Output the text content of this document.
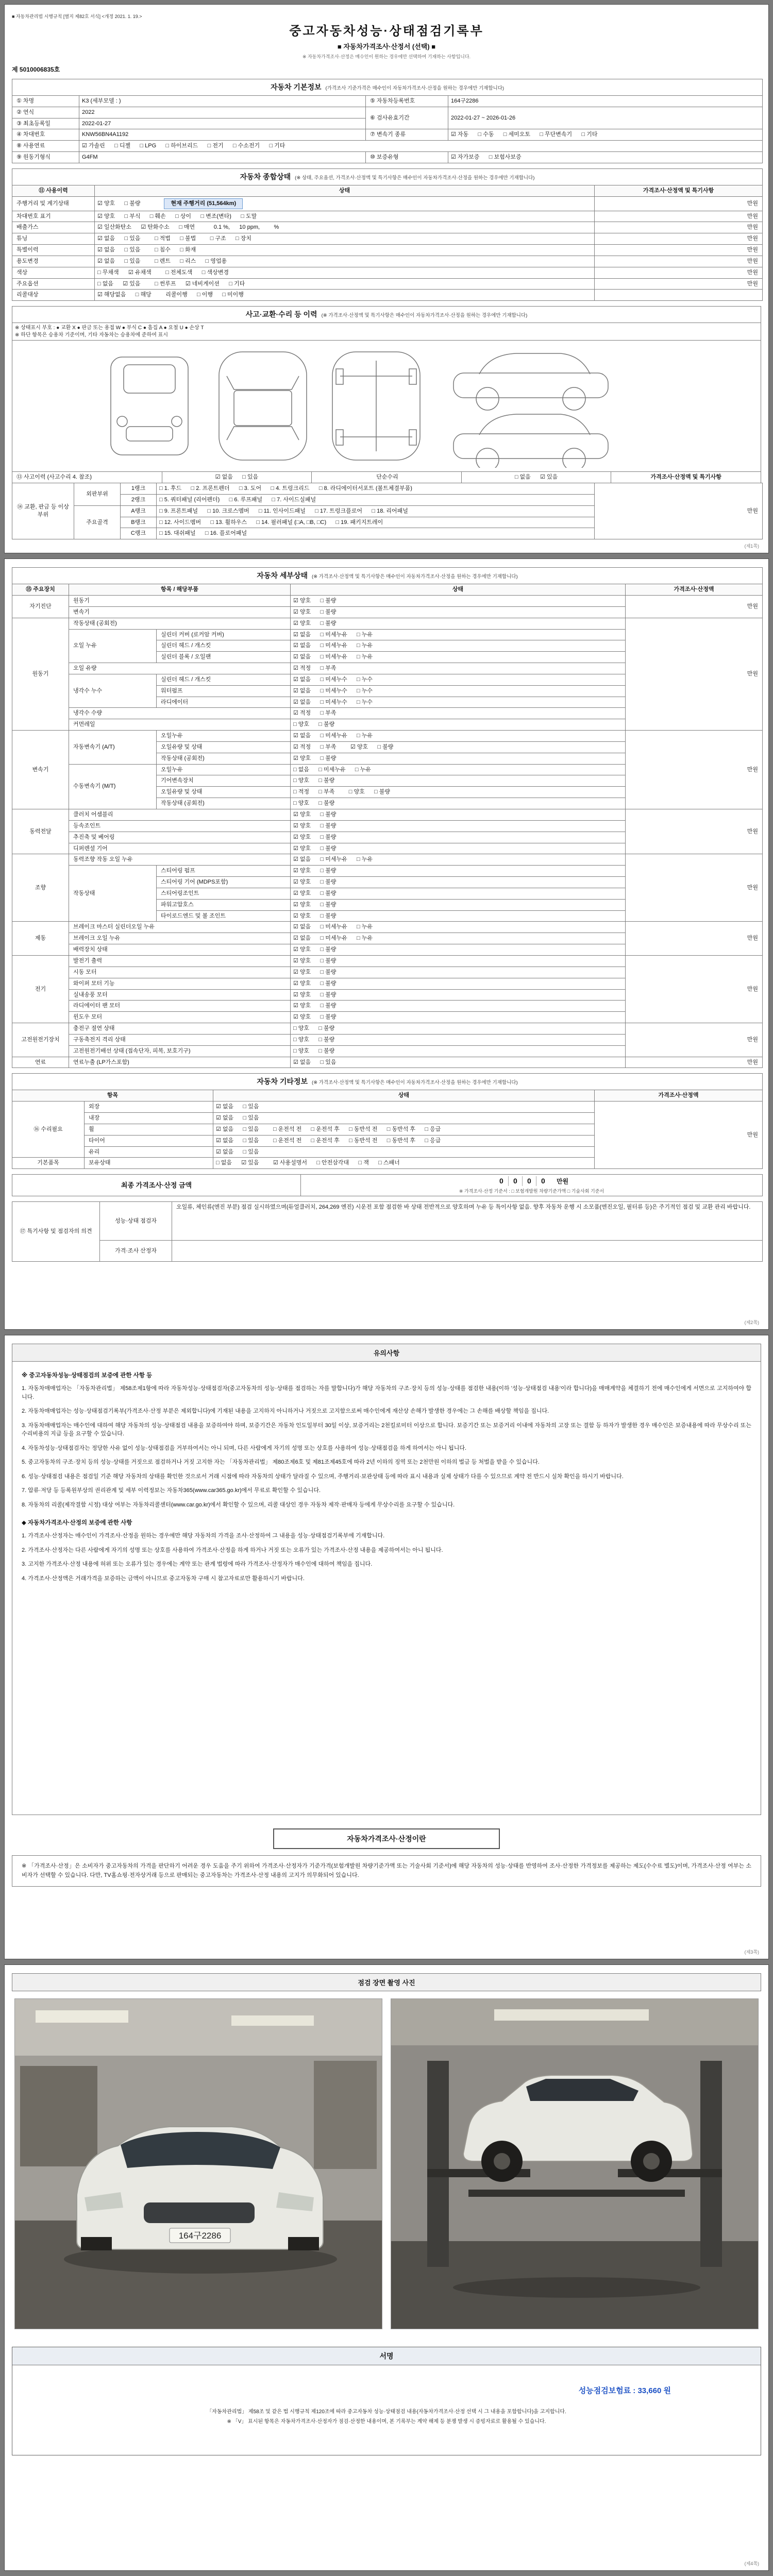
■ 자동차관리법 시행규칙 [별지 제82호 서식] <개정 2021. 1. 19.>
중고자동차성능·상태점검기록부
■ 자동차가격조사·산정서 (선택) ■
※ 자동차가격조사·산정은 매수인이 원하는 경우에만 선택하여 기재하는 사항입니다.
제 5010006835호
자동차 기본정보 (가격조사 기준가격은 매수인이 자동차가격조사·산정을 원하는 경우에만 기재합니다)			
① 차명	K3 (세부모델 : )	⑤ 자동차등록번호	164구2286
② 연식	2022	⑥ 검사유효기간	2022-01-27 ~ 2026-01-26
③ 최초등록일	2022-01-27		
④ 차대번호	KNW56BN4A1192	⑦ 변속기 종류	☑ 자동      □ 수동      □ 세미오토      □ 무단변속기      □ 기타
⑧ 사용연료	☑ 가솔린      □ 디젤      □ LPG      □ 하이브리드      □ 전기      □ 수소전기      □ 기타		
⑨ 원동기형식	G4FM	⑩ 보증유형	☑ 자가보증      □ 보험사보증
자동차 종합상태 (※ 상태, 주요옵션, 가격조사·산정액 및 특기사항은 매수인이 자동차가격조사·산정을 원하는 경우에만 기재합니다)		
⑪ 사용이력	상태	가격조사·산정액 및 특기사항
주행거리 및 계기상태	☑ 양호      □ 불량 현재 주행거리 (51,564km)	만원
차대번호 표기	☑ 양호      □ 부식      □ 훼손      □ 상이      □ 변조(변타)      □ 도말	만원
배출가스	☑ 일산화탄소      ☑ 탄화수소      □ 매연            0.1 %,      10 ppm,         %	만원
튜닝	☑ 없음      □ 있음         □ 적법      □ 불법         □ 구조      □ 장치	만원
특별이력	☑ 없음      □ 있음         □ 침수      □ 화재	만원
용도변경	☑ 없음      □ 있음         □ 렌트      □ 리스      □ 영업용	만원
색상	□ 무채색      ☑ 유채색         □ 전체도색      □ 색상변경	만원
주요옵션	□ 없음      ☑ 있음         □ 썬루프      ☑ 네비게이션      □ 기타	만원
리콜대상	☑ 해당없음      □ 해당         리콜이행      □ 이행      □ 미이행	
사고·교환·수리 등 이력 (※ 가격조사·산정액 및 특기사항은 매수인이 자동차가격조사·산정을 원하는 경우에만 기재합니다)

※ 상태표시 부호 : ● 교환 X ● 판금 또는 용접 W ● 부식 C ● 흠집 A ● 요철 U ● 손상 T
※ 하단 항목은 승용차 기준이며, 기타 자동차는 승용차에 준하여 표시

⑬ 사고이력 (사고수리 4. 참조)	☑ 없음      □ 있음	단순수리	□ 없음      ☑ 있음	가격조사·산정액 및 특기사항
⑭ 교환, 판금 등 이상 부위	외판부위	1랭크	□ 1. 후드      □ 2. 프론트펜더      □ 3. 도어      □ 4. 트렁크리드      □ 8. 라디에이터서포트 (볼트체결부품)	만원
		2랭크	□ 5. 쿼터패널 (리어펜더)      □ 6. 루프패널      □ 7. 사이드실패널	
	주요골격	A랭크	□ 9. 프론트패널      □ 10. 크로스멤버      □ 11. 인사이드패널      □ 17. 트렁크플로어      □ 18. 리어패널	
		B랭크	□ 12. 사이드멤버      □ 13. 휠하우스      □ 14. 필러패널 (□A, □B, □C)      □ 19. 패키지트레이	
		C랭크	□ 15. 대쉬패널      □ 16. 플로어패널	
(제1쪽)
자동차 세부상태 (※ 가격조사·산정액 및 특기사항은 매수인이 자동차가격조사·산정을 원하는 경우에만 기재합니다)				
⑮ 주요장치	항목 / 해당부품		상태	가격조사·산정액
자기진단	원동기		☑ 양호      □ 불량	만원
	변속기		☑ 양호      □ 불량	
원동기	작동상태 (공회전)		☑ 양호      □ 불량	만원
	오일 누유	실린더 커버 (로커암 커버)	☑ 없음      □ 미세누유      □ 누유	
		실린더 헤드 / 개스킷	☑ 없음      □ 미세누유      □ 누유	
		실린더 블록 / 오일팬	☑ 없음      □ 미세누유      □ 누유	
	오일 유량		☑ 적정      □ 부족	
	냉각수 누수	실린더 헤드 / 개스킷	☑ 없음      □ 미세누수      □ 누수	
		워터펌프	☑ 없음      □ 미세누수      □ 누수	
		라디에이터	☑ 없음      □ 미세누수      □ 누수	
	냉각수 수량		☑ 적정      □ 부족	
	커먼레일		□ 양호      □ 불량	
변속기	자동변속기 (A/T)	오일누유	☑ 없음      □ 미세누유      □ 누유	만원
		오일유량 및 상태	☑ 적정      □ 부족         ☑ 양호      □ 불량	
		작동상태 (공회전)	☑ 양호      □ 불량	
	수동변속기 (M/T)	오일누유	□ 없음      □ 미세누유      □ 누유	
		기어변속장치	□ 양호      □ 불량	
		오일유량 및 상태	□ 적정      □ 부족         □ 양호      □ 불량	
		작동상태 (공회전)	□ 양호      □ 불량	
동력전달	클러치 어셈블리		☑ 양호      □ 불량	만원
	등속조인트		☑ 양호      □ 불량	
	추진축 및 베어링		☑ 양호      □ 불량	
	디퍼렌셜 기어		☑ 양호      □ 불량	
조향	동력조향 작동 오일 누유		☑ 없음      □ 미세누유      □ 누유	만원
	작동상태	스티어링 펌프	☑ 양호      □ 불량	
		스티어링 기어 (MDPS포함)	☑ 양호      □ 불량	
		스티어링조인트	☑ 양호      □ 불량	
		파워고압호스	☑ 양호      □ 불량	
		타이로드엔드 및 볼 조인트	☑ 양호      □ 불량	
제동	브레이크 마스터 실린더오일 누유		☑ 없음      □ 미세누유      □ 누유	만원
	브레이크 오일 누유		☑ 없음      □ 미세누유      □ 누유	
	배력장치 상태		☑ 양호      □ 불량	
전기	발전기 출력		☑ 양호      □ 불량	만원
	시동 모터		☑ 양호      □ 불량	
	와이퍼 모터 기능		☑ 양호      □ 불량	
	실내송풍 모터		☑ 양호      □ 불량	
	라디에이터 팬 모터		☑ 양호      □ 불량	
	윈도우 모터		☑ 양호      □ 불량	
고전원전기장치	충전구 절연 상태		□ 양호      □ 불량	만원
	구동축전지 격리 상태		□ 양호      □ 불량	
	고전원전기배선 상태 (접속단자, 피복, 보호기구)		□ 양호      □ 불량	
연료	연료누출 (LP가스포함)		☑ 없음      □ 있음	만원
자동차 기타정보 (※ 가격조사·산정액 및 특기사항은 매수인이 자동차가격조사·산정을 원하는 경우에만 기재합니다)			
항목		상태	가격조사·산정액
⑯ 수리필요	외장	☑ 없음      □ 있음	만원
	내장	☑ 없음      □ 있음	
	휠	☑ 없음      □ 있음         □ 운전석 전      □ 운전석 후      □ 동반석 전      □ 동반석 후      □ 응급	
	타이어	☑ 없음      □ 있음         □ 운전석 전      □ 운전석 후      □ 동반석 전      □ 동반석 후      □ 응급	
	유리	☑ 없음      □ 있음	
기본품목	보유상태	□ 없음      ☑ 있음         ☑ 사용설명서      □ 안전삼각대      □ 잭      □ 스패너	
최종 가격조사·산정 금액	0 0 0 0 만원
※ 가격조사·산정 기준서 : □ 보험개발원 차량기준가액 □ 기술사회 기준서
⑰ 특기사항 및 점검자의 의견	성능·상태 점검자	오일류, 체인류(엔진 부분) 점검 실시하였으며(듀얼클러치, 264,269 엔진) 시운전 포함 점검한 바 상태 전반적으로 양호하며 누유 등 특이사항 없음. 향후 자동차 운행 시 소모품(엔진오일, 필터류 등)은 주기적인 점검 및 교환 관리 바랍니다.
	가격·조사 산정자	
(제2쪽)
유의사항
※ 중고자동차성능·상태점검의 보증에 관한 사항 등
1. 자동차매매업자는 「자동차관리법」 제58조제1항에 따라 자동차성능·상태점검자(중고자동차의 성능·상태를 점검하는 자를 말합니다)가 해당 자동차의 구조·장치 등의 성능·상태를 점검한 내용(이하 '성능·상태점검 내용'이라 합니다)을 매매계약을 체결하기 전에 매수인에게 서면으로 고지하여야 합니다.
2. 자동차매매업자는 성능·상태점검기록부(가격조사·산정 부분은 제외합니다)에 기재된 내용을 고지하지 아니하거나 거짓으로 고지함으로써 매수인에게 재산상 손해가 발생한 경우에는 그 손해를 배상할 책임을 집니다.
3. 자동차매매업자는 매수인에 대하여 해당 자동차의 성능·상태점검 내용을 보증하여야 하며, 보증기간은 자동차 인도일부터 30일 이상, 보증거리는 2천킬로미터 이상으로 합니다. 보증기간 또는 보증거리 이내에 자동차의 고장 또는 결함 등 하자가 발생한 경우 매수인은 보증내용에 따라 무상수리 또는 수리비용의 지급 등을 요구할 수 있습니다.
4. 자동차성능·상태점검자는 정당한 사유 없이 성능·상태점검을 거부하여서는 아니 되며, 다른 사람에게 자기의 성명 또는 상호를 사용하여 성능·상태점검을 하게 하여서는 아니 됩니다.
5. 중고자동차의 구조·장치 등의 성능·상태를 거짓으로 점검하거나 거짓 고지한 자는 「자동차관리법」 제80조제6호 및 제81조제45호에 따라 2년 이하의 징역 또는 2천만원 이하의 벌금 등 처벌을 받을 수 있습니다.
6. 성능·상태점검 내용은 점검일 기준 해당 자동차의 상태를 확인한 것으로서 거래 시점에 따라 자동차의 상태가 달라질 수 있으며, 주행거리·보관상태 등에 따라 표시 내용과 실제 상태가 다를 수 있으므로 계약 전 반드시 실차 확인을 하시기 바랍니다.
7. 압류·저당 등 등록원부상의 권리관계 및 세부 이력정보는 자동차365(www.car365.go.kr)에서 무료로 확인할 수 있습니다.
8. 자동차의 리콜(제작결함 시정) 대상 여부는 자동차리콜센터(www.car.go.kr)에서 확인할 수 있으며, 리콜 대상인 경우 자동차 제작·판매자 등에게 무상수리를 요구할 수 있습니다.
◆ 자동차가격조사·산정의 보증에 관한 사항
1. 가격조사·산정자는 매수인이 가격조사·산정을 원하는 경우에만 해당 자동차의 가격을 조사·산정하여 그 내용을 성능·상태점검기록부에 기재합니다.
2. 가격조사·산정자는 다른 사람에게 자기의 성명 또는 상호를 사용하여 가격조사·산정을 하게 하거나 거짓 또는 오류가 있는 가격조사·산정 내용을 제공하여서는 아니 됩니다.
3. 고지한 가격조사·산정 내용에 허위 또는 오류가 있는 경우에는 계약 또는 관계 법령에 따라 가격조사·산정자가 매수인에 대하여 책임을 집니다.
4. 가격조사·산정액은 거래가격을 보증하는 금액이 아니므로 중고자동차 구매 시 참고자료로만 활용하시기 바랍니다.
자동차가격조사·산정이란
※ 「가격조사·산정」은 소비자가 중고자동차의 가격을 판단하기 어려운 경우 도움을 주기 위하여 가격조사·산정자가 기준가격(보험개발원 차량기준가액 또는 기술사회 기준서)에 해당 자동차의 성능·상태를 반영하여 조사·산정한 가격정보를 제공하는 제도(수수료 별도)이며, 가격조사·산정 여부는 소비자가 선택할 수 있습니다. 다만, TV홈쇼핑·전자상거래 등으로 판매되는 중고자동차는 가격조사·산정 내용의 고지가 의무화되어 있습니다.
(제3쪽)
점검 장면 촬영 사진
164구2286
서명
성능점검보험료 : 33,660 원
「자동차관리법」 제58조 및 같은 법 시행규칙 제120조에 따라 중고자동차 성능·상태점검 내용(자동차가격조사·산정 선택 시 그 내용을 포함합니다)을 고지합니다.
※ 「V」 표시된 항목은 자동차가격조사·산정자가 점검·산정한 내용이며, 본 기록부는 계약 해제 등 분쟁 발생 시 증빙자료로 활용될 수 있습니다.
(제4쪽)
